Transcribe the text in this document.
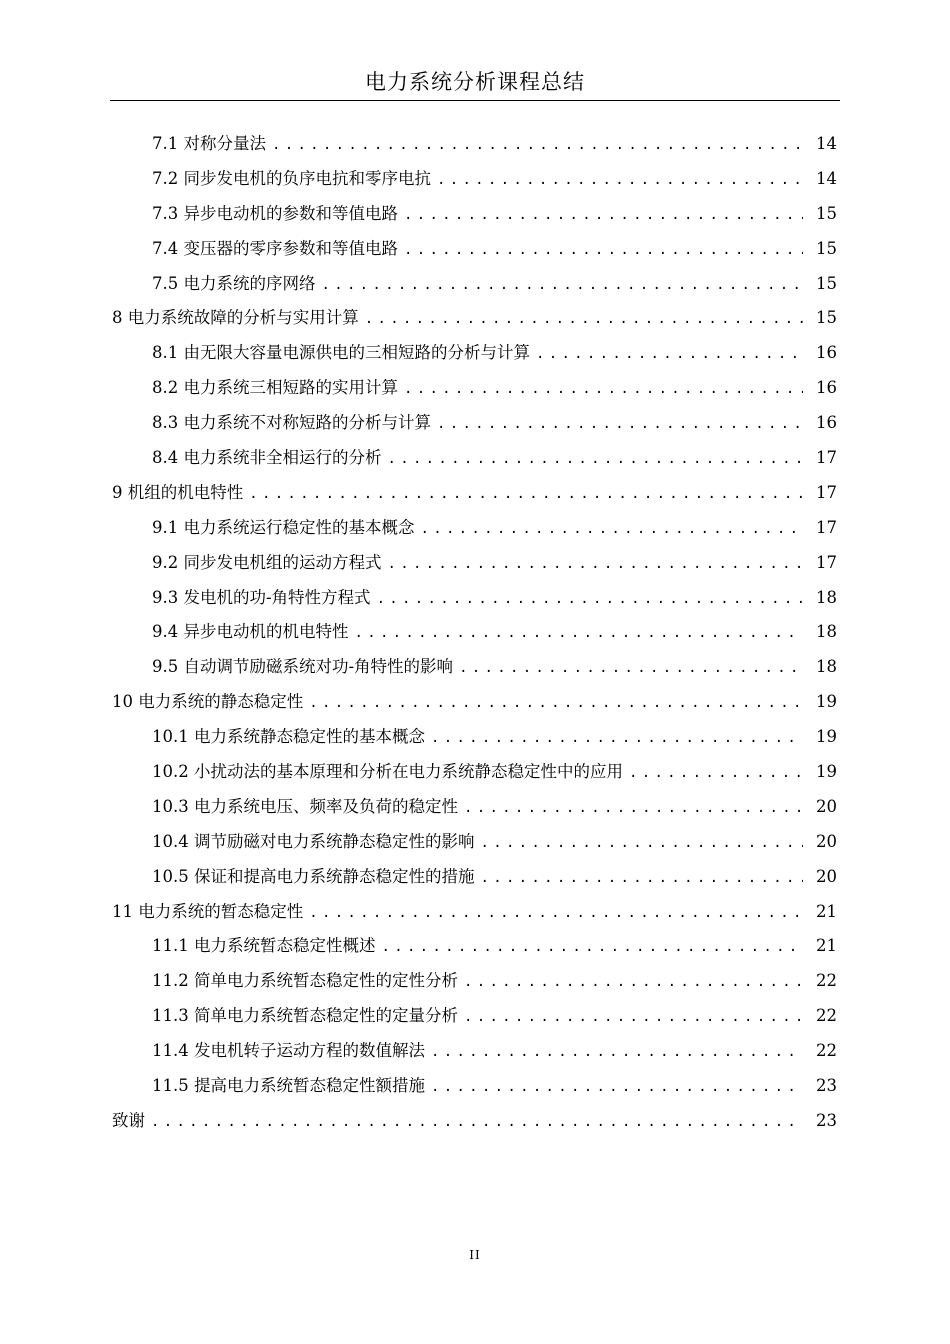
电力系统分析课程总结
7.1 对称分量法 .....	14
7.2 同步发电机的负序电抗和零序电抗 .....	14
7.3 异步电动机的参数和等值电路 .....	15
7.4 变压器的零序参数和等值电路 .....	15
7.5 电力系统的序网络 .....	15
8 电力系统故障的分析与实用计算 .....	15
8.1 由无限大容量电源供电的三相短路的分析与计算 .....	16
8.2 电力系统三相短路的实用计算 .....	16
8.3 电力系统不对称短路的分析与计算 .....	16
8.4 电力系统非全相运行的分析 .....	17
9 机组的机电特性 .....	17
9.1 电力系统运行稳定性的基本概念 .....	17
9.2 同步发电机组的运动方程式 .....	17
9.3 发电机的功-角特性方程式 .....	18
9.4 异步电动机的机电特性 .....	18
9.5 自动调节励磁系统对功-角特性的影响 .....	18
10 电力系统的静态稳定性 .....	19
10.1 电力系统静态稳定性的基本概念 .....	19
10.2 小扰动法的基本原理和分析在电力系统静态稳定性中的应用 .....	19
10.3 电力系统电压、频率及负荷的稳定性 .....	20
10.4 调节励磁对电力系统静态稳定性的影响 .....	20
10.5 保证和提高电力系统静态稳定性的措施 .....	20
11 电力系统的暂态稳定性 .....	21
11.1 电力系统暂态稳定性概述 .....	21
11.2 简单电力系统暂态稳定性的定性分析 .....	22
11.3 简单电力系统暂态稳定性的定量分析 .....	22
11.4 发电机转子运动方程的数值解法 .....	22
11.5 提高电力系统暂态稳定性额措施 .....	23
致谢 .....	23
II
